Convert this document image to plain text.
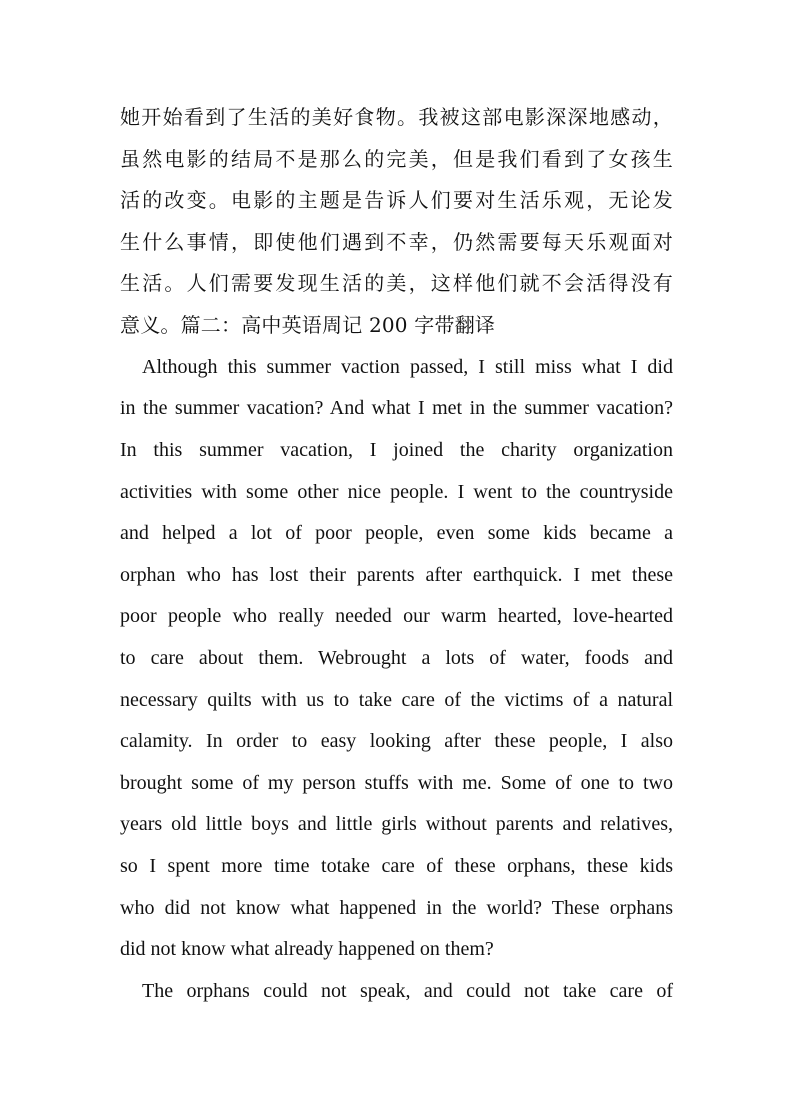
她开始看到了生活的美好食物。我被这部电影深深地感动，
虽然电影的结局不是那么的完美，但是我们看到了女孩生
活的改变。电影的主题是告诉人们要对生活乐观，无论发
生什么事情，即使他们遇到不幸，仍然需要每天乐观面对
生活。人们需要发现生活的美，这样他们就不会活得没有
意义。篇二：高中英语周记 200 字带翻译
Although this summer vaction passed, I still miss what I did
in the summer vacation? And what I met in the summer vacation?
In this summer vacation, I joined the charity organization
activities with some other nice people. I went to the countryside
and helped a lot of poor people, even some kids became a
orphan who has lost their parents after earthquick. I met these
poor people who really needed our warm hearted, love-hearted
to care about them. Webrought a lots of water, foods and
necessary quilts with us to take care of the victims of a natural
calamity. In order to easy looking after these people, I also
brought some of my person stuffs with me. Some of one to two
years old little boys and little girls without parents and relatives,
so I spent more time totake care of these orphans, these kids
who did not know what happened in the world? These orphans
did not know what already happened on them?
The orphans could not speak, and could not take care of
